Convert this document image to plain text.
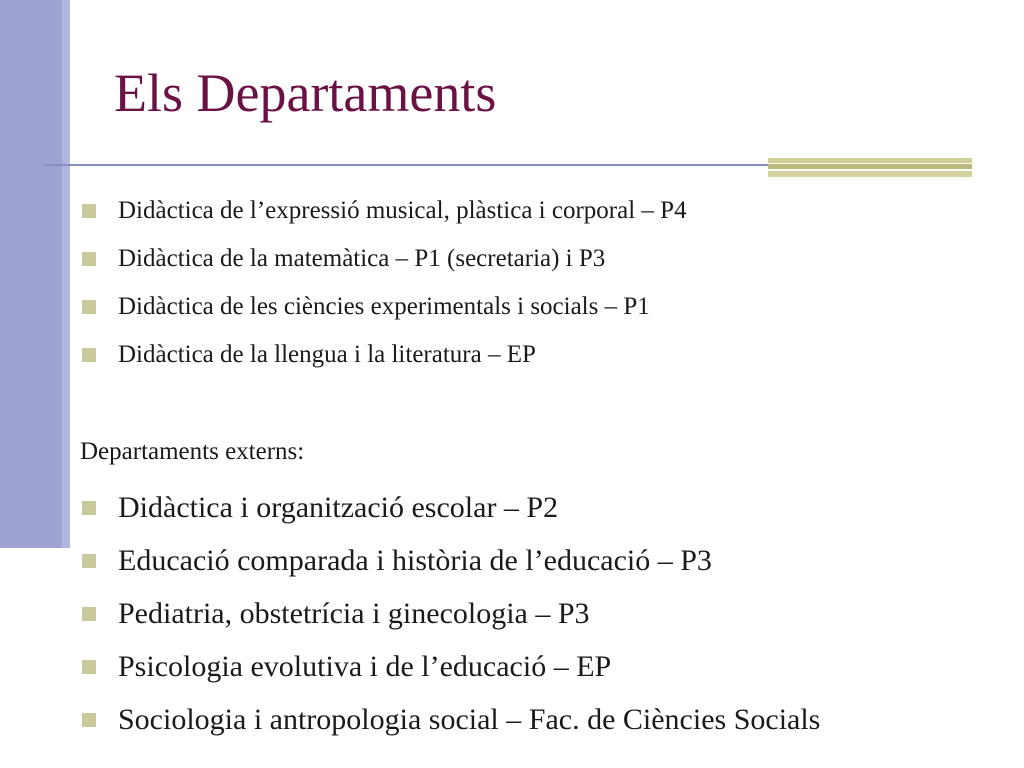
Els Departaments
Didàctica de l’expressió musical, plàstica i corporal – P4
Didàctica de la matemàtica – P1 (secretaria) i P3
Didàctica de les ciències experimentals i socials – P1
Didàctica de la llengua i la literatura – EP
Departaments externs:
Didàctica i organització escolar – P2
Educació comparada i història de l’educació – P3
Pediatria, obstetrícia i ginecologia – P3
Psicologia evolutiva i de l’educació – EP
Sociologia i antropologia social – Fac. de Ciències Socials
